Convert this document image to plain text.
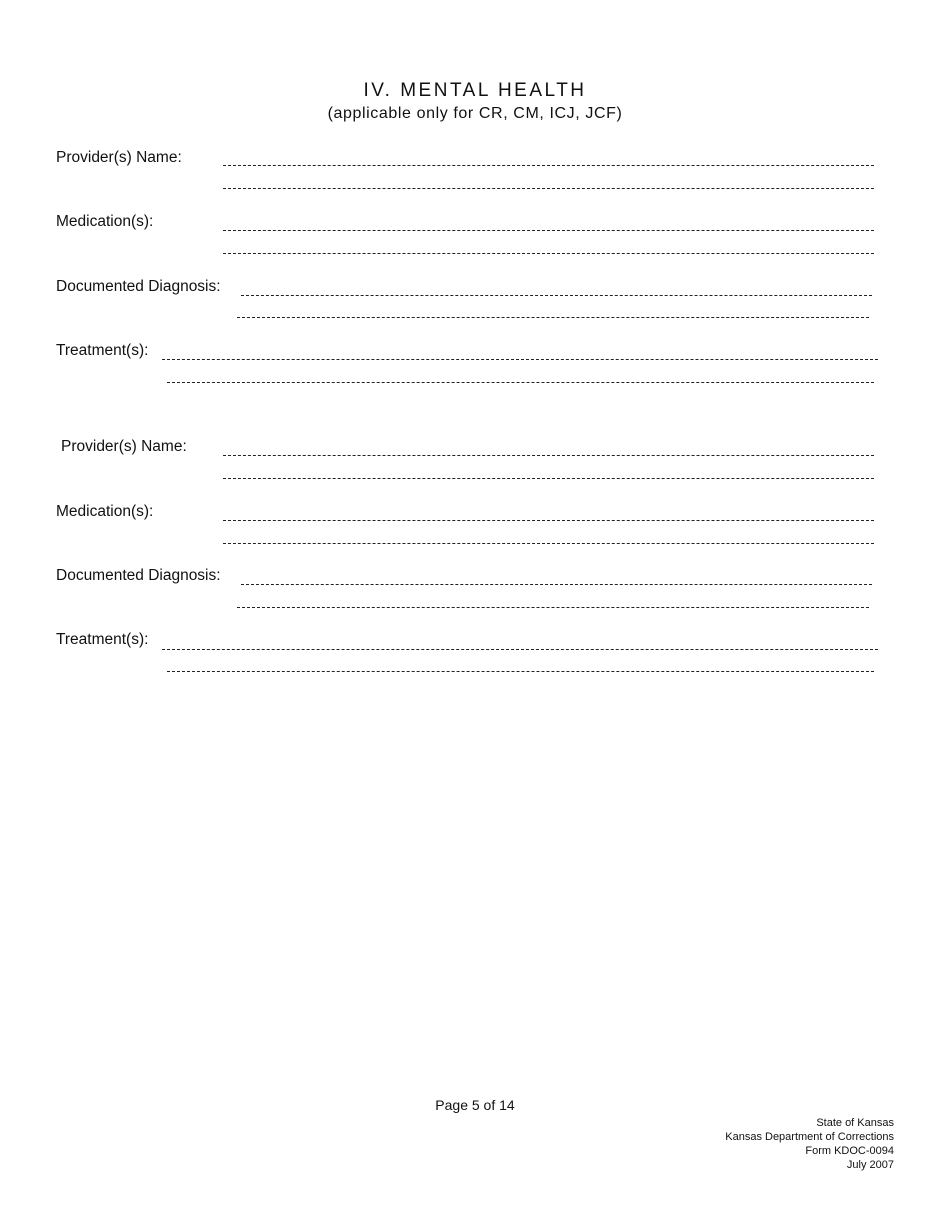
IV. MENTAL HEALTH
(applicable only for CR, CM, ICJ, JCF)
Provider(s) Name:
Medication(s):
Documented Diagnosis:
Treatment(s):
Provider(s) Name:
Medication(s):
Documented Diagnosis:
Treatment(s):
Page 5 of 14
State of Kansas
Kansas Department of Corrections
Form KDOC-0094
July 2007
